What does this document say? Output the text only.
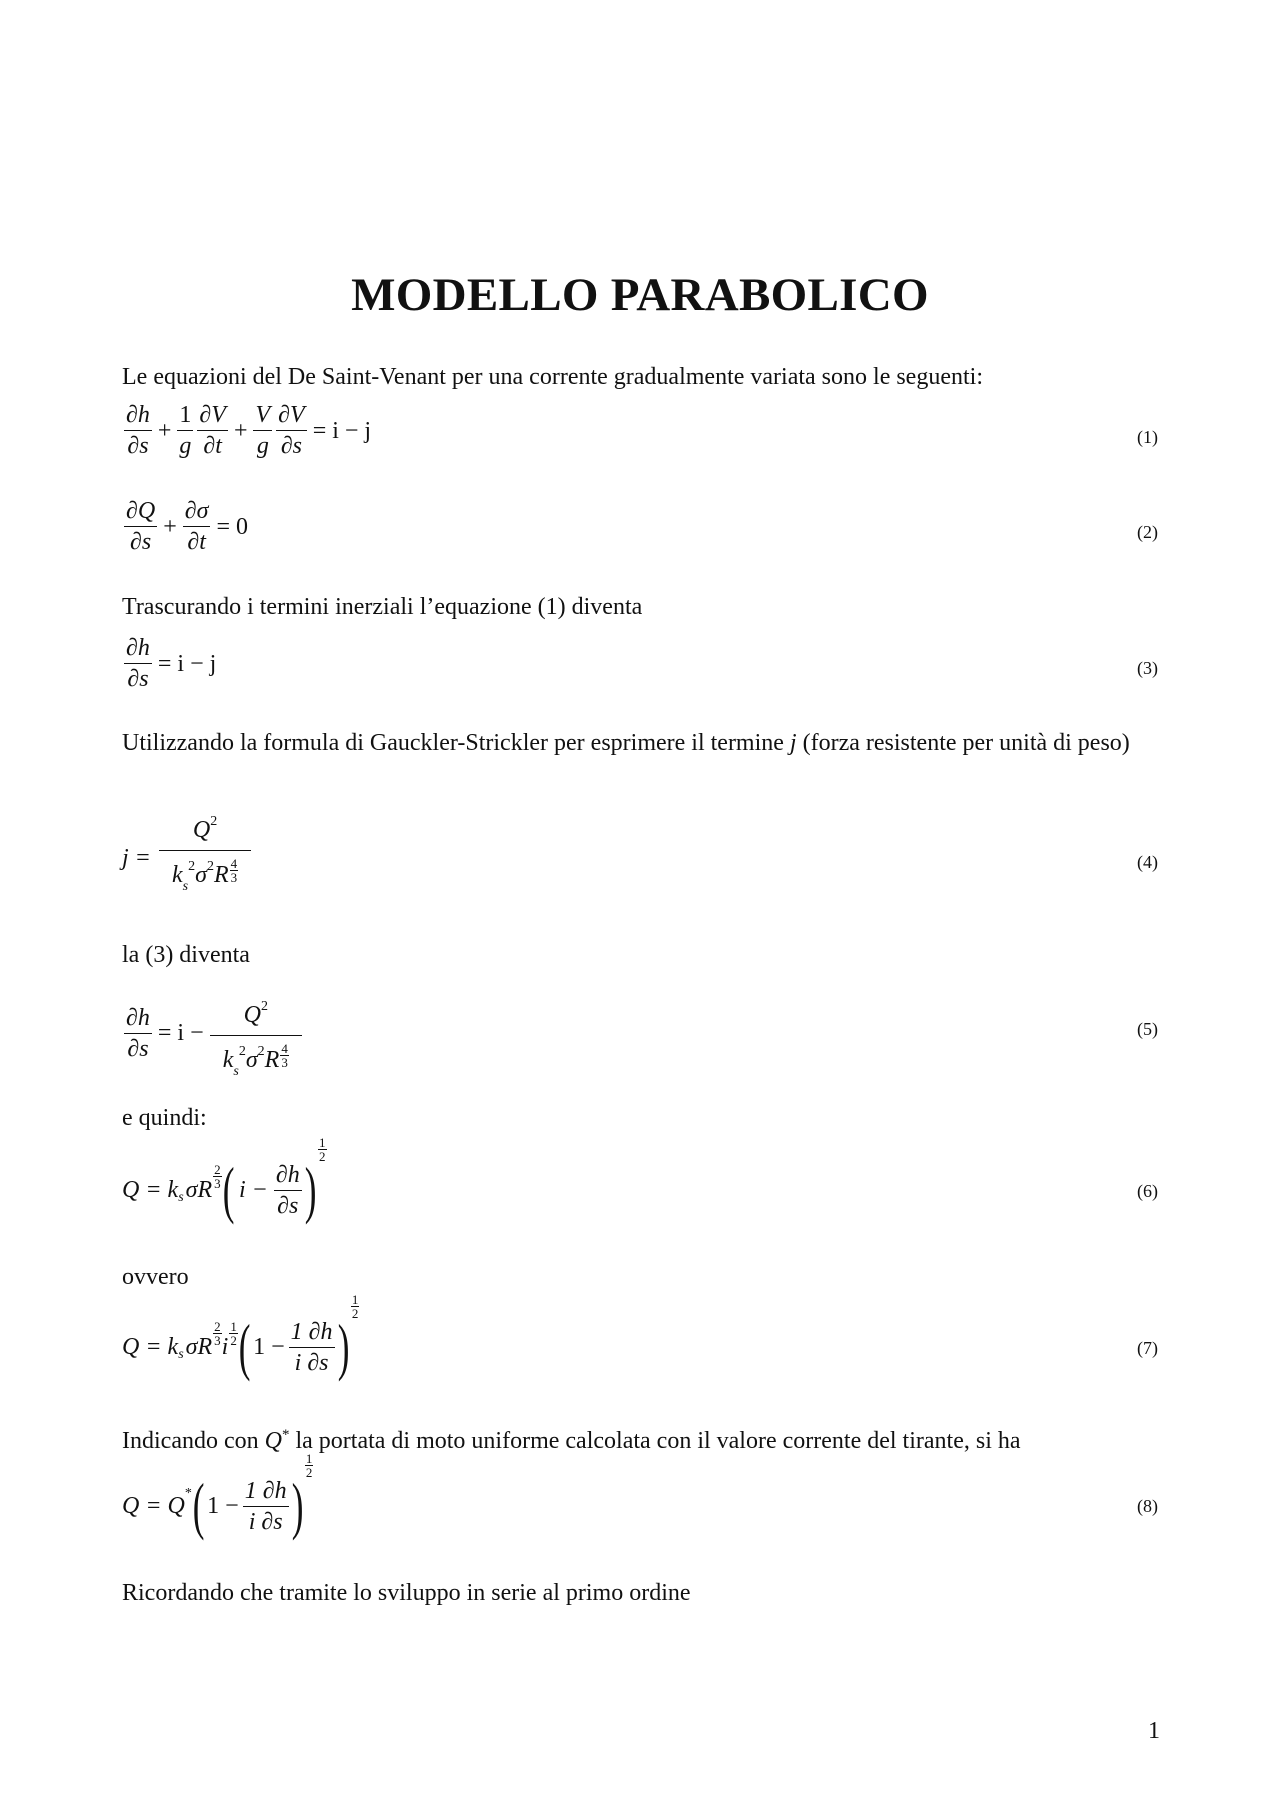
MODELLO PARABOLICO
Le equazioni del De Saint-Venant per una corrente gradualmente variata sono le seguenti:
$\frac{\partial h}{\partial s} + \frac{1}{g} \frac{\partial V}{\partial t} + \frac{V}{g} \frac{\partial V}{\partial s} = i - j$	(1)
$\frac{\partial Q}{\partial s} + \frac{\partial\sigma}{\partial t} = 0$	(2)
Trascurando i termini inerziali l’equazione (1) diventa
$\frac{\partial h}{\partial s} = i - j$	(3)
Utilizzando la formula di Gauckler-Strickler per esprimere il termine j (forza resistente per unità di peso)
$j = \frac{Q^2}{k_s^2\sigma^2R \frac{4}{3}}$	(4)
la (3) diventa
$\frac{\partial h}{\partial s} = i - \frac{Q^2}{k_s^2\sigma^2R \frac{4}{3}}$	(5)
e quindi:
Q = k s σR
$\frac{2}{3}$ ( $i - \frac{\partial h}{\partial s}$ )
$\frac{1}{2}$
(6)
ovvero
Q = k s σR
$\frac{2}{3}$
i
$\frac{1}{2}$ ( $1 - \frac{1 \partial h}{i \partial s}$ )
$\frac{1}{2}$
(7)
Indicando con Q* la portata di moto uniforme calcolata con il valore corrente del tirante, si ha
Q = Q * ( $1 - \frac{1 \partial h}{i \partial s}$ )
$\frac{1}{2}$
(8)
Ricordando che tramite lo sviluppo in serie al primo ordine
1
